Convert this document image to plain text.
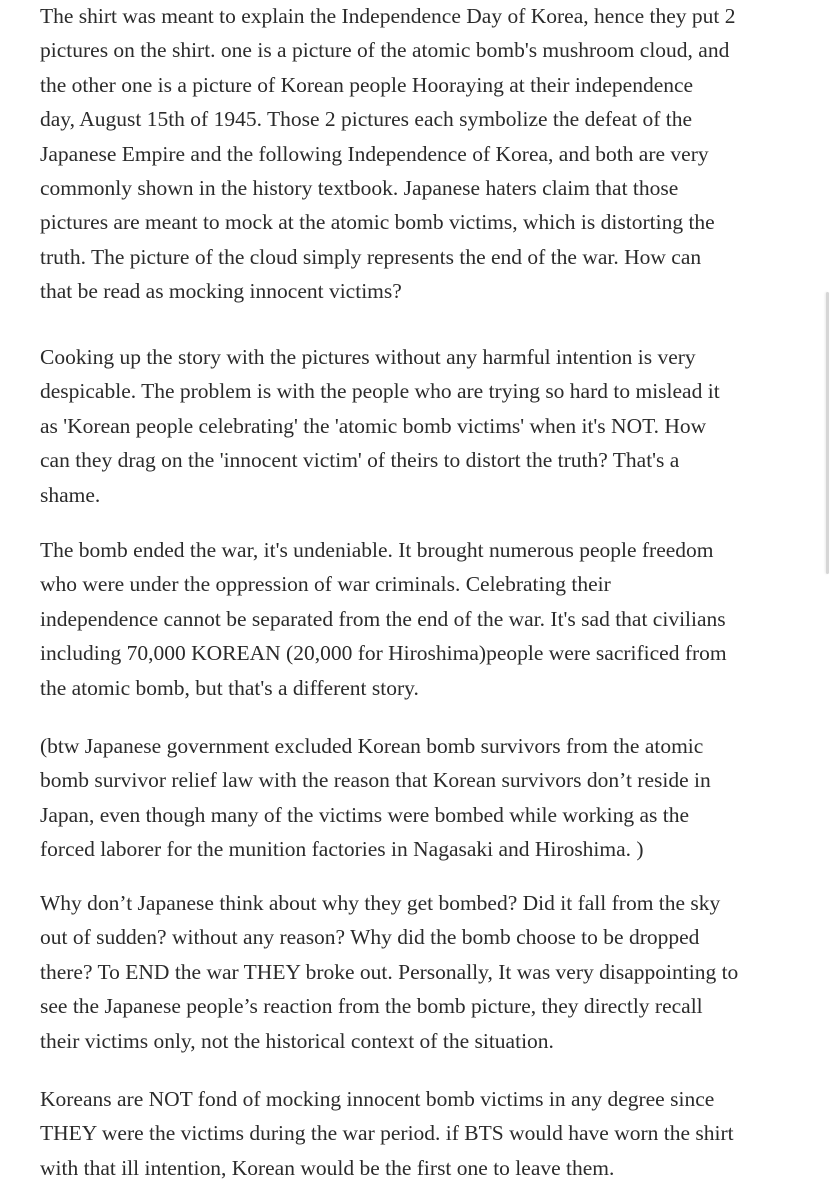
The shirt was meant to explain the Independence Day of Korea, hence they put 2
pictures on the shirt. one is a picture of the atomic bomb's mushroom cloud, and
the other one is a picture of Korean people Hooraying at their independence
day, August 15th of 1945. Those 2 pictures each symbolize the defeat of the
Japanese Empire and the following Independence of Korea, and both are very
commonly shown in the history textbook. Japanese haters claim that those
pictures are meant to mock at the atomic bomb victims, which is distorting the
truth. The picture of the cloud simply represents the end of the war. How can
that be read as mocking innocent victims?

Cooking up the story with the pictures without any harmful intention is very
despicable. The problem is with the people who are trying so hard to mislead it
as 'Korean people celebrating' the 'atomic bomb victims' when it's NOT. How
can they drag on the 'innocent victim' of theirs to distort the truth? That's a
shame.

The bomb ended the war, it's undeniable. It brought numerous people freedom
who were under the oppression of war criminals. Celebrating their
independence cannot be separated from the end of the war. It's sad that civilians
including 70,000 KOREAN (20,000 for Hiroshima)people were sacrificed from
the atomic bomb, but that's a different story.

(btw Japanese government excluded Korean bomb survivors from the atomic
bomb survivor relief law with the reason that Korean survivors don’t reside in
Japan, even though many of the victims were bombed while working as the
forced laborer for the munition factories in Nagasaki and Hiroshima. )

Why don’t Japanese think about why they get bombed? Did it fall from the sky
out of sudden? without any reason? Why did the bomb choose to be dropped
there? To END the war THEY broke out. Personally, It was very disappointing to
see the Japanese people’s reaction from the bomb picture, they directly recall
their victims only, not the historical context of the situation.

Koreans are NOT fond of mocking innocent bomb victims in any degree since
THEY were the victims during the war period. if BTS would have worn the shirt
with that ill intention, Korean would be the first one to leave them.
